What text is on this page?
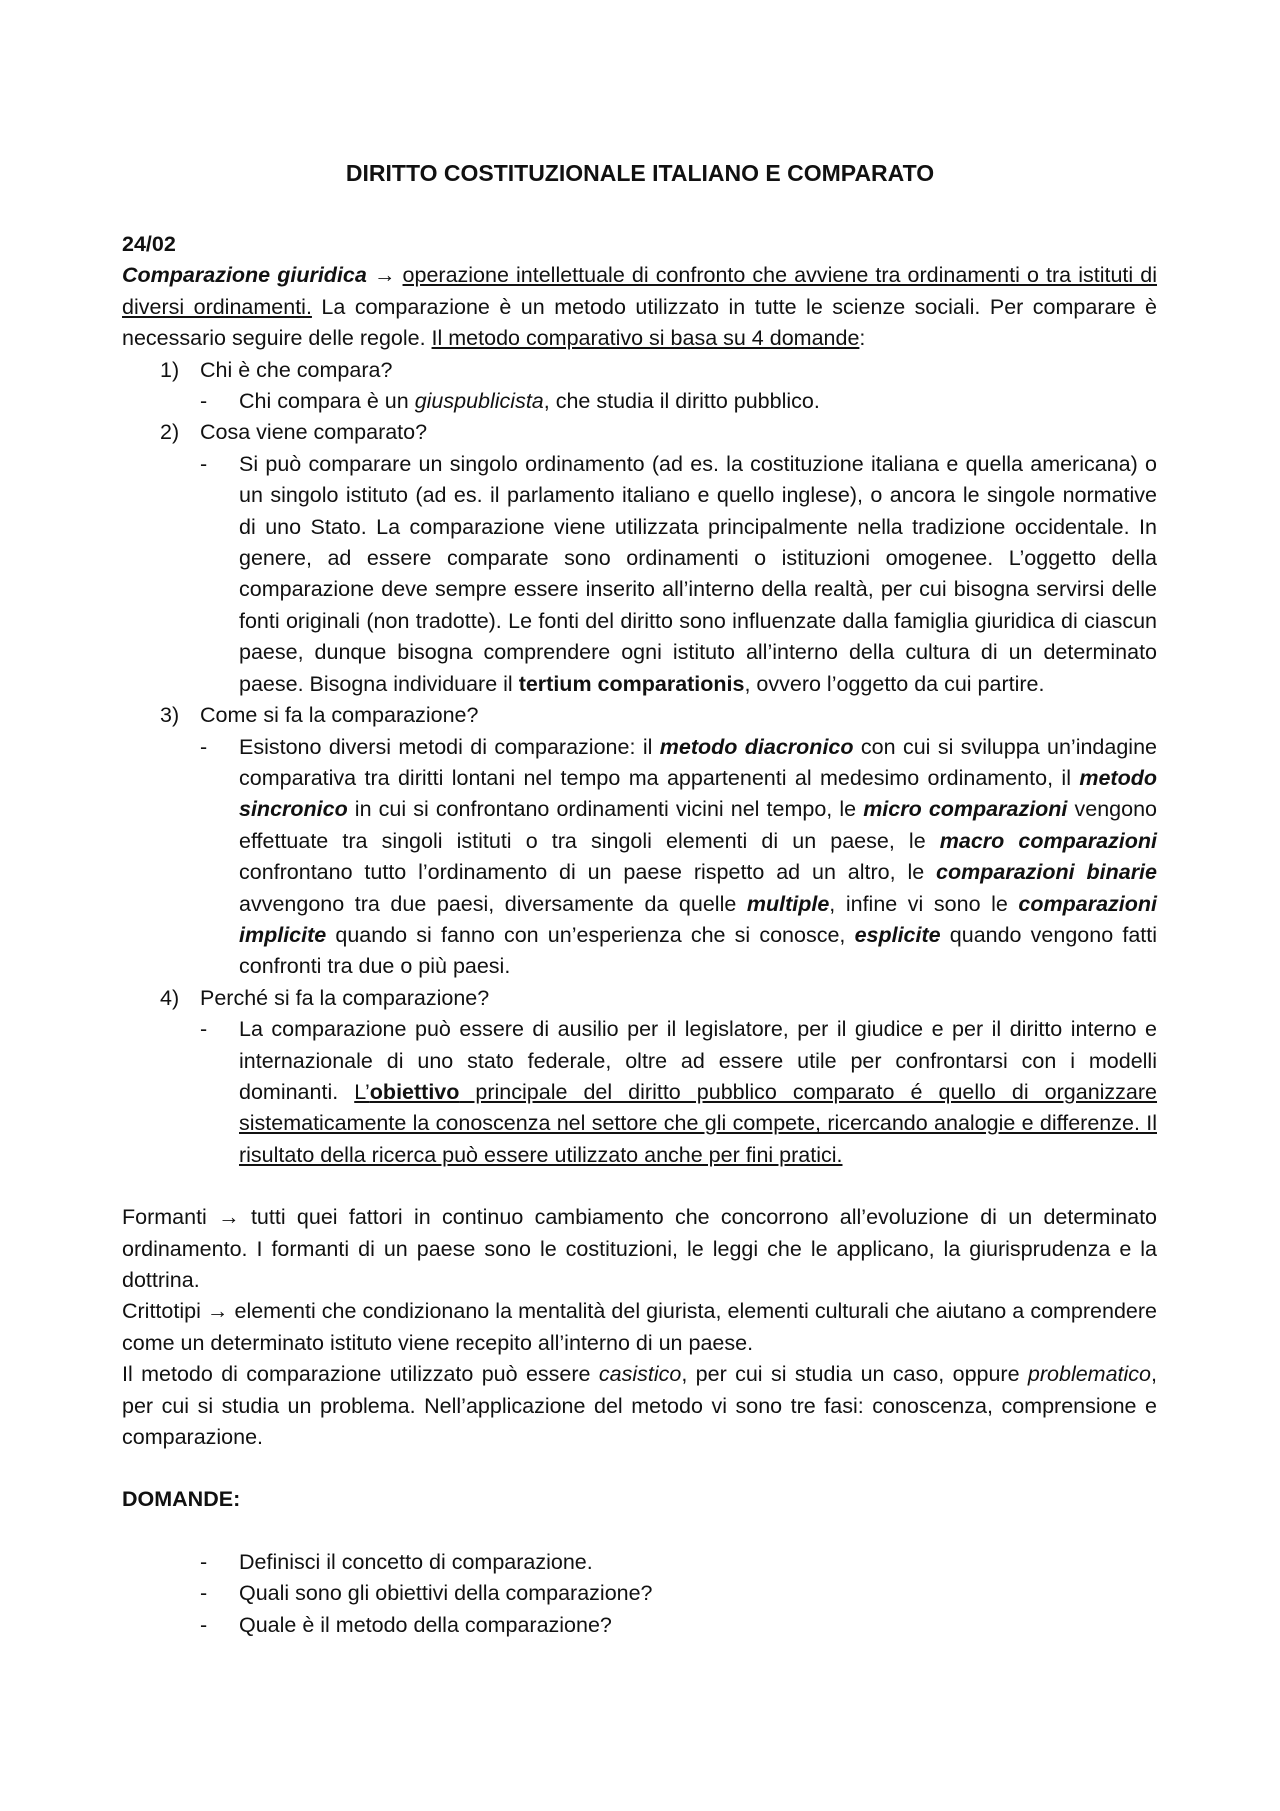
DIRITTO COSTITUZIONALE ITALIANO E COMPARATO

24/02

Comparazione giuridica → operazione intellettuale di confronto che avviene tra ordinamenti o tra istituti di diversi ordinamenti. La comparazione è un metodo utilizzato in tutte le scienze sociali. Per comparare è necessario seguire delle regole. Il metodo comparativo si basa su 4 domande:

1) Chi è che compara?

- Chi compara è un giuspublicista, che studia il diritto pubblico.

2) Cosa viene comparato?

- Si può comparare un singolo ordinamento (ad es. la costituzione italiana e quella americana) o un singolo istituto (ad es. il parlamento italiano e quello inglese), o ancora le singole normative di uno Stato. La comparazione viene utilizzata principalmente nella tradizione occidentale. In genere, ad essere comparate sono ordinamenti o istituzioni omogenee. L’oggetto della comparazione deve sempre essere inserito all’interno della realtà, per cui bisogna servirsi delle fonti originali (non tradotte). Le fonti del diritto sono influenzate dalla famiglia giuridica di ciascun paese, dunque bisogna comprendere ogni istituto all’interno della cultura di un determinato paese. Bisogna individuare il tertium comparationis, ovvero l’oggetto da cui partire.

3) Come si fa la comparazione?

- Esistono diversi metodi di comparazione: il metodo diacronico con cui si sviluppa un’indagine comparativa tra diritti lontani nel tempo ma appartenenti al medesimo ordinamento, il metodo sincronico in cui si confrontano ordinamenti vicini nel tempo, le micro comparazioni vengono effettuate tra singoli istituti o tra singoli elementi di un paese, le macro comparazioni confrontano tutto l’ordinamento di un paese rispetto ad un altro, le comparazioni binarie avvengono tra due paesi, diversamente da quelle multiple, infine vi sono le comparazioni implicite quando si fanno con un’esperienza che si conosce, esplicite quando vengono fatti confronti tra due o più paesi.

4) Perché si fa la comparazione?

- La comparazione può essere di ausilio per il legislatore, per il giudice e per il diritto interno e internazionale di uno stato federale, oltre ad essere utile per confrontarsi con i modelli dominanti. L’obiettivo principale del diritto pubblico comparato é quello di organizzare sistematicamente la conoscenza nel settore che gli compete, ricercando analogie e differenze. Il risultato della ricerca può essere utilizzato anche per fini pratici.

Formanti → tutti quei fattori in continuo cambiamento che concorrono all’evoluzione di un determinato ordinamento. I formanti di un paese sono le costituzioni, le leggi che le applicano, la giurisprudenza e la dottrina.

Crittotipi → elementi che condizionano la mentalità del giurista, elementi culturali che aiutano a comprendere come un determinato istituto viene recepito all’interno di un paese.

Il metodo di comparazione utilizzato può essere casistico, per cui si studia un caso, oppure problematico, per cui si studia un problema. Nell’applicazione del metodo vi sono tre fasi: conoscenza, comprensione e comparazione.

DOMANDE:

- Definisci il concetto di comparazione.

- Quali sono gli obiettivi della comparazione?

- Quale è il metodo della comparazione?
